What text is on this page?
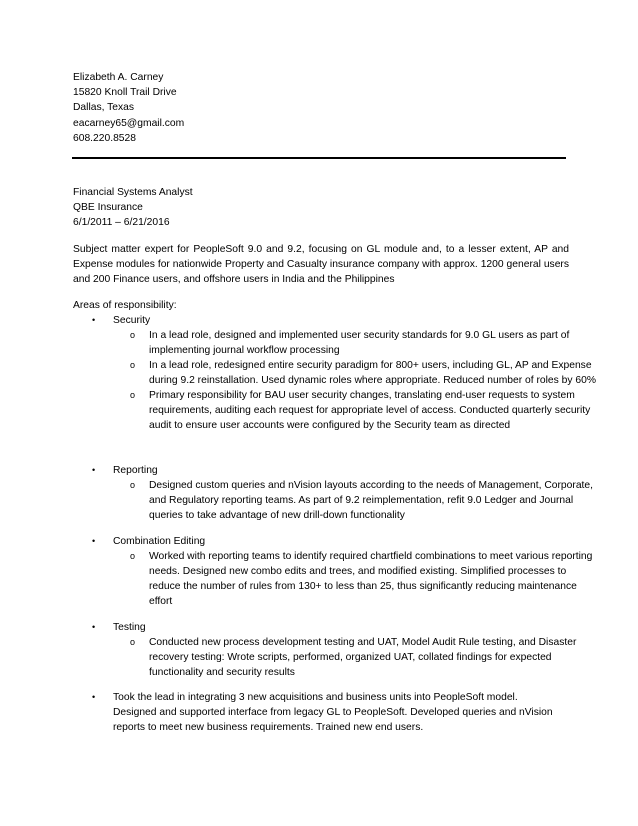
Elizabeth A. Carney
15820 Knoll Trail Drive
Dallas, Texas
eacarney65@gmail.com
608.220.8528
Financial Systems Analyst
QBE Insurance
6/1/2011 – 6/21/2016
Subject matter expert for PeopleSoft 9.0 and 9.2, focusing on GL module and, to a lesser extent, AP and Expense modules for nationwide Property and Casualty insurance company with approx. 1200 general users and 200 Finance users, and offshore users in India and the Philippines
Areas of responsibility:
• Security
o In a lead role, designed and implemented user security standards for 9.0 GL users as part of implementing journal workflow processing
o In a lead role, redesigned entire security paradigm for 800+ users, including GL, AP and Expense during 9.2 reinstallation. Used dynamic roles where appropriate. Reduced number of roles by 60%
o Primary responsibility for BAU user security changes, translating end-user requests to system requirements, auditing each request for appropriate level of access. Conducted quarterly security audit to ensure user accounts were configured by the Security team as directed
• Reporting
o Designed custom queries and nVision layouts according to the needs of Management, Corporate, and Regulatory reporting teams. As part of 9.2 reimplementation, refit 9.0 Ledger and Journal queries to take advantage of new drill-down functionality
• Combination Editing
o Worked with reporting teams to identify required chartfield combinations to meet various reporting needs. Designed new combo edits and trees, and modified existing. Simplified processes to reduce the number of rules from 130+ to less than 25, thus significantly reducing maintenance effort
• Testing
o Conducted new process development testing and UAT, Model Audit Rule testing, and Disaster recovery testing: Wrote scripts, performed, organized UAT, collated findings for expected functionality and security results
• Took the lead in integrating 3 new acquisitions and business units into PeopleSoft model. Designed and supported interface from legacy GL to PeopleSoft. Developed queries and nVision reports to meet new business requirements. Trained new end users.
